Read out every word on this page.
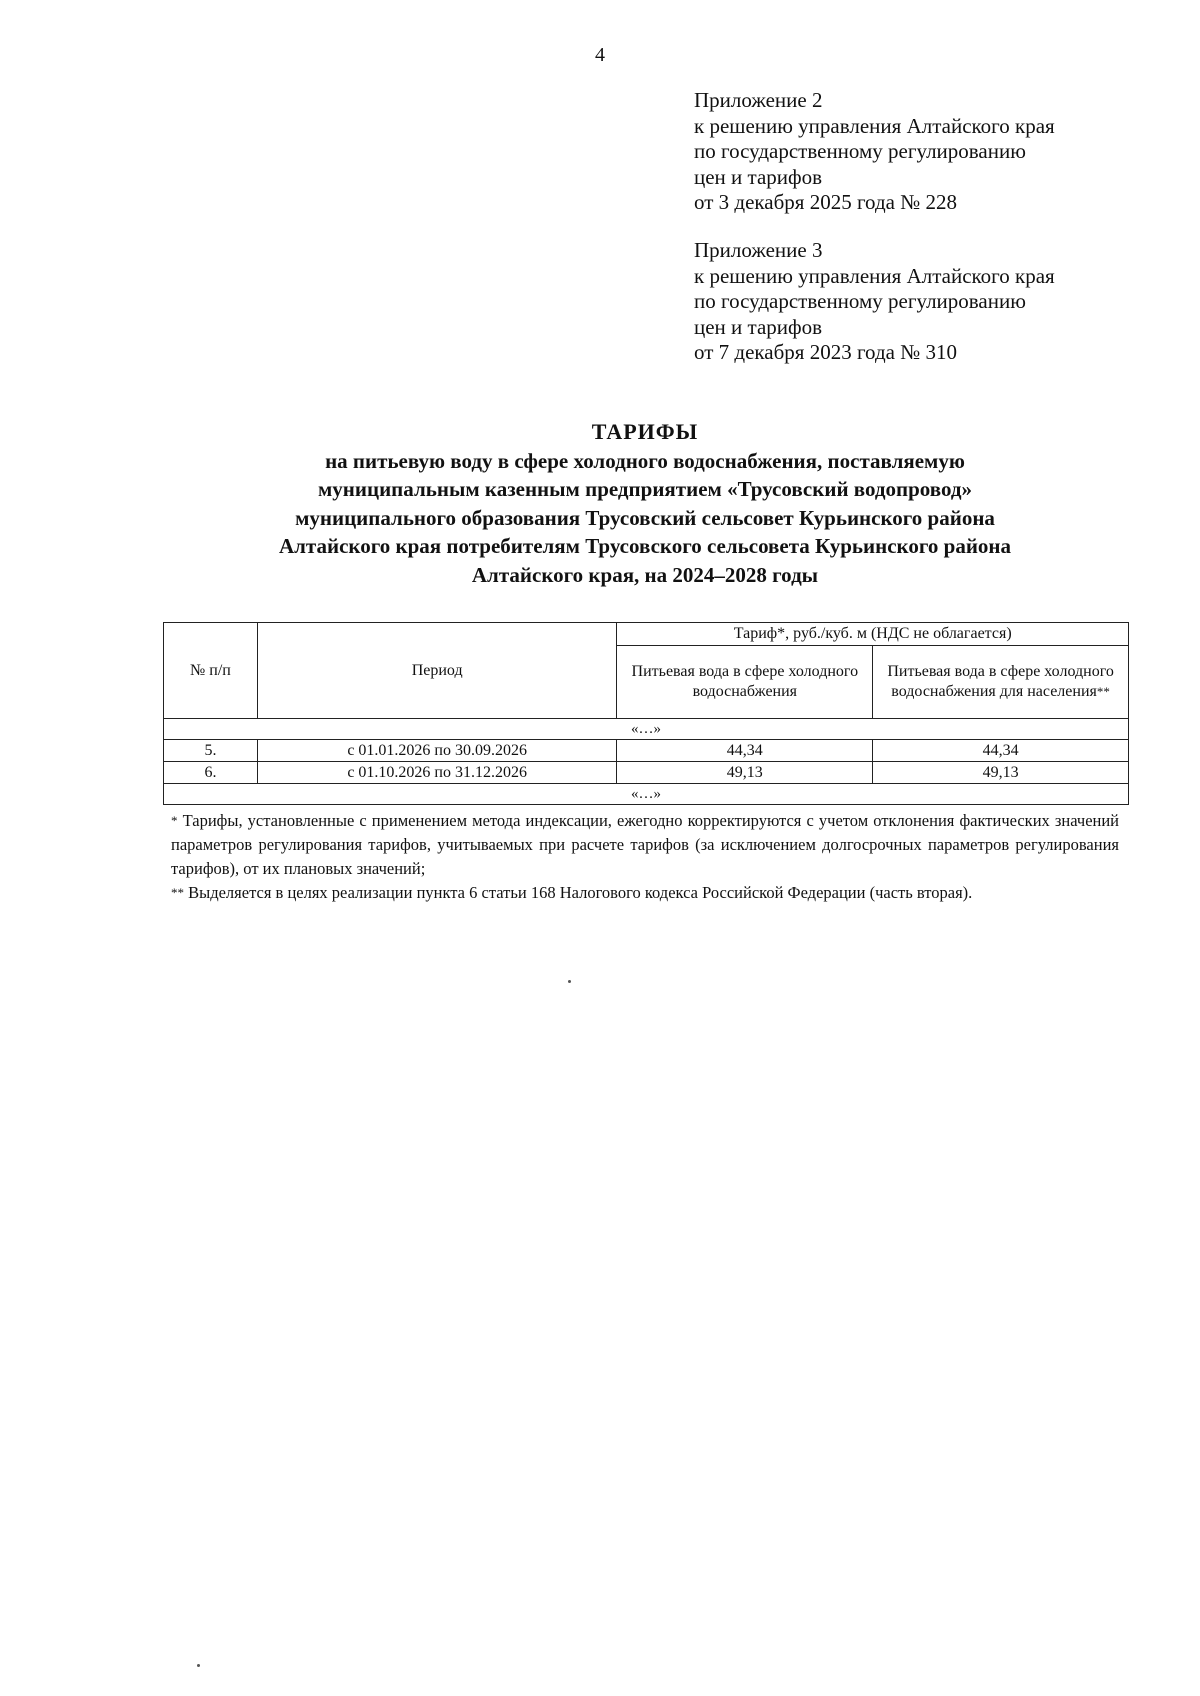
4
Приложение 2
к решению управления Алтайского края
по государственному регулированию
цен и тарифов
от 3 декабря 2025 года № 228
Приложение 3
к решению управления Алтайского края
по государственному регулированию
цен и тарифов
от 7 декабря 2023 года № 310
ТАРИФЫ
на питьевую воду в сфере холодного водоснабжения, поставляемую
муниципальным казенным предприятием «Трусовский водопровод»
муниципального образования Трусовский сельсовет Курьинского района
Алтайского края потребителям Трусовского сельсовета Курьинского района
Алтайского края, на 2024–2028 годы
№ п/п	Период	Тариф*, руб./куб. м (НДС не облагается)	
		Питьевая вода в сфере холодного водоснабжения	Питьевая вода в сфере холодного водоснабжения для населения**
«…»			
5.	с 01.01.2026 по 30.09.2026	44,34	44,34
6.	с 01.10.2026 по 31.12.2026	49,13	49,13
«…»			

* Тарифы, установленные с применением метода индексации, ежегодно корректируются с учетом отклонения фактических значений параметров регулирования тарифов, учитываемых при расчете тарифов (за исключением долгосрочных параметров регулирования тарифов), от их плановых значений;

** Выделяется в целях реализации пункта 6 статьи 168 Налогового кодекса Российской Федерации (часть вторая).
